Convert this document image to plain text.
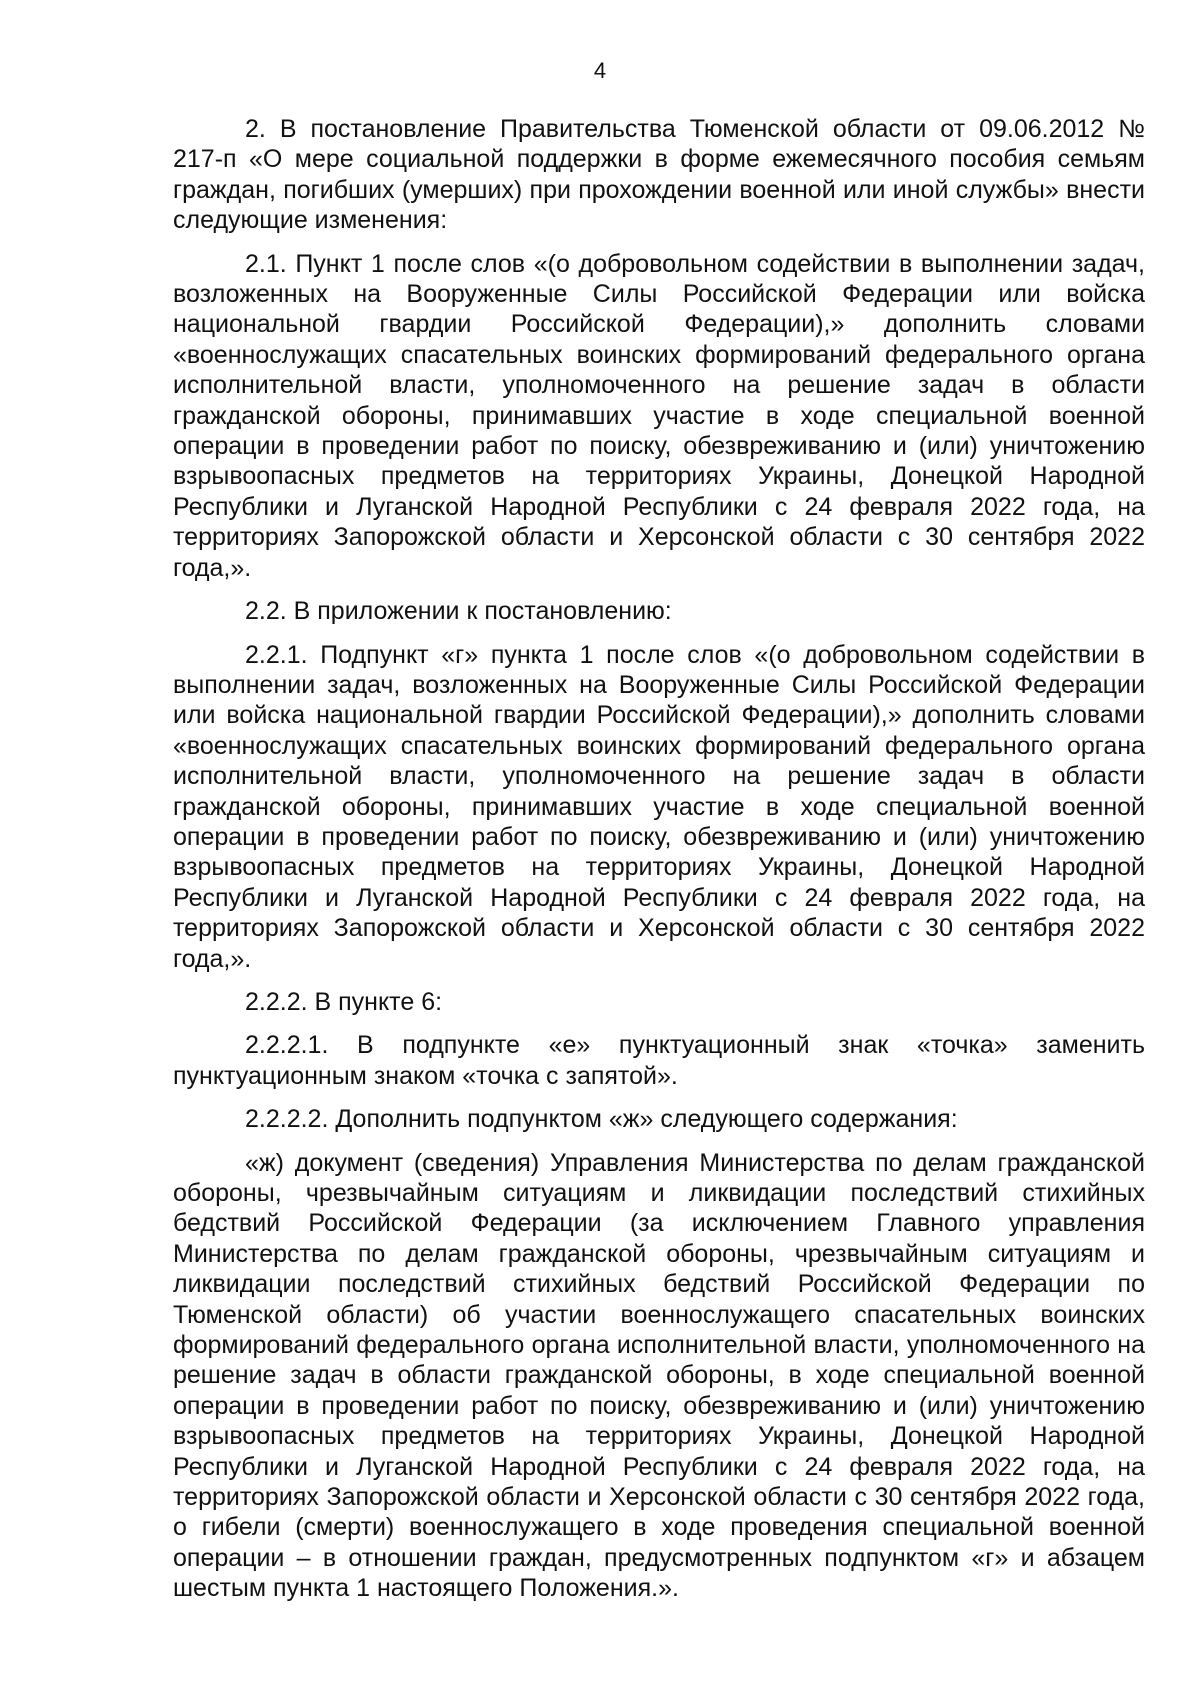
4

2. В постановление Правительства Тюменской области от 09.06.2012 № 217-п «О мере социальной поддержки в форме ежемесячного пособия семьям граждан, погибших (умерших) при прохождении военной или иной службы» внести следующие изменения:

2.1. Пункт 1 после слов «(о добровольном содействии в выполнении задач, возложенных на Вооруженные Силы Российской Федерации или войска национальной гвардии Российской Федерации),» дополнить словами «военнослужащих спасательных воинских формирований федерального органа исполнительной власти, уполномоченного на решение задач в области гражданской обороны, принимавших участие в ходе специальной военной операции в проведении работ по поиску, обезвреживанию и (или) уничтожению взрывоопасных предметов на территориях Украины, Донецкой Народной Республики и Луганской Народной Республики с 24 февраля 2022 года, на территориях Запорожской области и Херсонской области с 30 сентября 2022 года,».

2.2. В приложении к постановлению:

2.2.1. Подпункт «г» пункта 1 после слов «(о добровольном содействии в выполнении задач, возложенных на Вооруженные Силы Российской Федерации или войска национальной гвардии Российской Федерации),» дополнить словами «военнослужащих спасательных воинских формирований федерального органа исполнительной власти, уполномоченного на решение задач в области гражданской обороны, принимавших участие в ходе специальной военной операции в проведении работ по поиску, обезвреживанию и (или) уничтожению взрывоопасных предметов на территориях Украины, Донецкой Народной Республики и Луганской Народной Республики с 24 февраля 2022 года, на территориях Запорожской области и Херсонской области с 30 сентября 2022 года,».

2.2.2. В пункте 6:

2.2.2.1. В подпункте «е» пунктуационный знак «точка» заменить пунктуационным знаком «точка с запятой».

2.2.2.2. Дополнить подпунктом «ж» следующего содержания:

«ж) документ (сведения) Управления Министерства по делам гражданской обороны, чрезвычайным ситуациям и ликвидации последствий стихийных бедствий Российской Федерации (за исключением Главного управления Министерства по делам гражданской обороны, чрезвычайным ситуациям и ликвидации последствий стихийных бедствий Российской Федерации по Тюменской области) об участии военнослужащего спасательных воинских формирований федерального органа исполнительной власти, уполномоченного на решение задач в области гражданской обороны, в ходе специальной военной операции в проведении работ по поиску, обезвреживанию и (или) уничтожению взрывоопасных предметов на территориях Украины, Донецкой Народной Республики и Луганской Народной Республики с 24 февраля 2022 года, на территориях Запорожской области и Херсонской области с 30 сентября 2022 года, о гибели (смерти) военнослужащего в ходе проведения специальной военной операции – в отношении граждан, предусмотренных подпунктом «г» и абзацем шестым пункта 1 настоящего Положения.».
